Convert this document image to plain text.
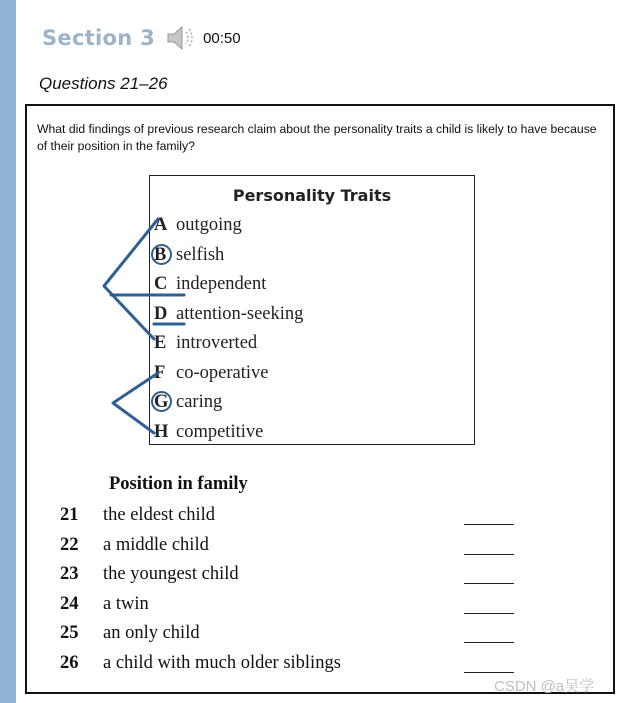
Section 3	00:50
Questions 21–26
What did findings of previous research claim about the personality traits a child is likely to have because of their position in the family?
Personality Traits
A outgoing
B selfish
C independent
D attention-seeking
E introverted
F co-operative
G caring
H competitive
Position in family
21 the eldest child
22 a middle child
23 the youngest child
24 a twin
25 an only child
26 a child with much older siblings
CSDN @a吴学
